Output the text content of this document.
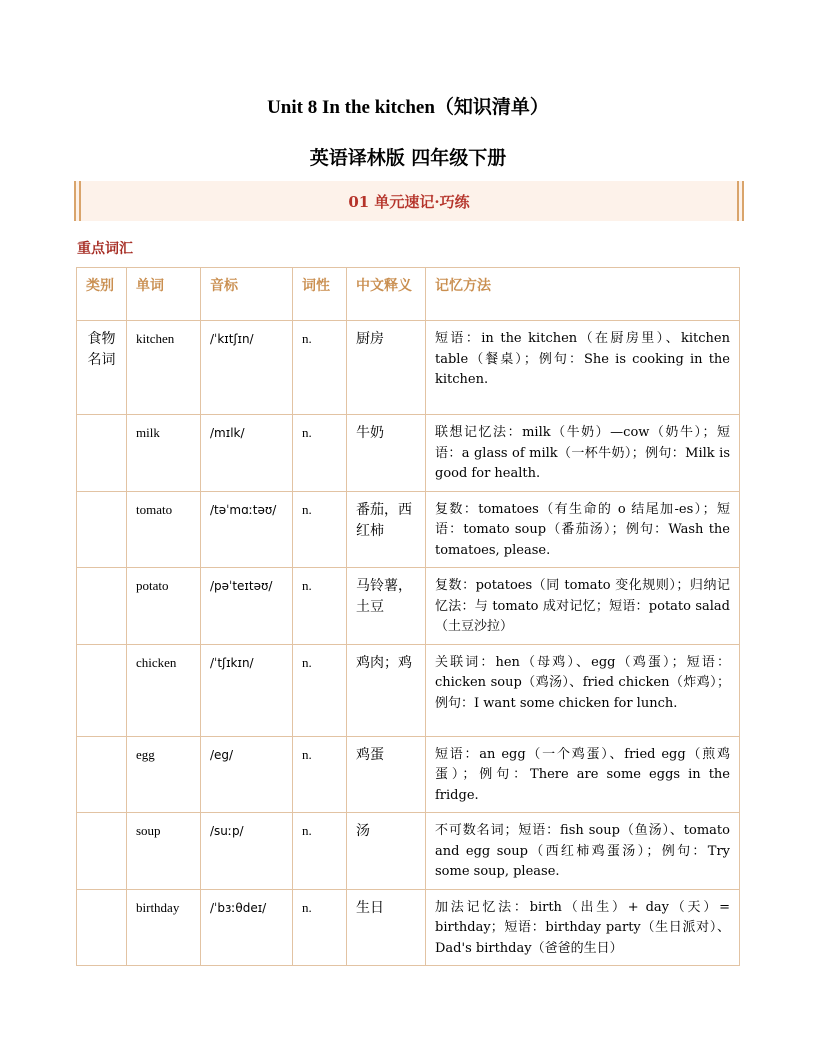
Unit 8 In the kitchen（知识清单）
英语译林版 四年级下册
01 单元速记·巧练
重点词汇
类别	单词	音标	词性	中文释义	记忆方法
食物名词	kitchen	/ˈkɪtʃɪn/	n.	厨房	短语：in the kitchen（在厨房里）、kitchen table（餐桌）；例句：She is cooking in the kitchen.
	milk	/mɪlk/	n.	牛奶	联想记忆法：milk（牛奶）—cow（奶牛）；短语：a glass of milk（一杯牛奶）；例句：Milk is good for health.
	tomato	/təˈmɑːtəʊ/	n.	番茄，西红柿	复数：tomatoes（有生命的 o 结尾加-es）；短语：tomato soup（番茄汤）；例句：Wash the tomatoes, please.
	potato	/pəˈteɪtəʊ/	n.	马铃薯，土豆	复数：potatoes（同 tomato 变化规则）；归纳记忆法：与 tomato 成对记忆；短语：potato salad（土豆沙拉）
	chicken	/ˈtʃɪkɪn/	n.	鸡肉；鸡	关联词：hen（母鸡）、egg（鸡蛋）；短语：chicken soup（鸡汤）、fried chicken（炸鸡）；例句：I want some chicken for lunch.
	egg	/eg/	n.	鸡蛋	短语：an egg（一个鸡蛋）、fried egg（煎鸡蛋）；例句：There are some eggs in the fridge.
	soup	/suːp/	n.	汤	不可数名词；短语：fish soup（鱼汤）、tomato and egg soup（西红柿鸡蛋汤）；例句：Try some soup, please.
	birthday	/ˈbɜːθdeɪ/	n.	生日	加法记忆法：birth（出生）+ day（天）= birthday；短语：birthday party（生日派对）、Dad's birthday（爸爸的生日）
